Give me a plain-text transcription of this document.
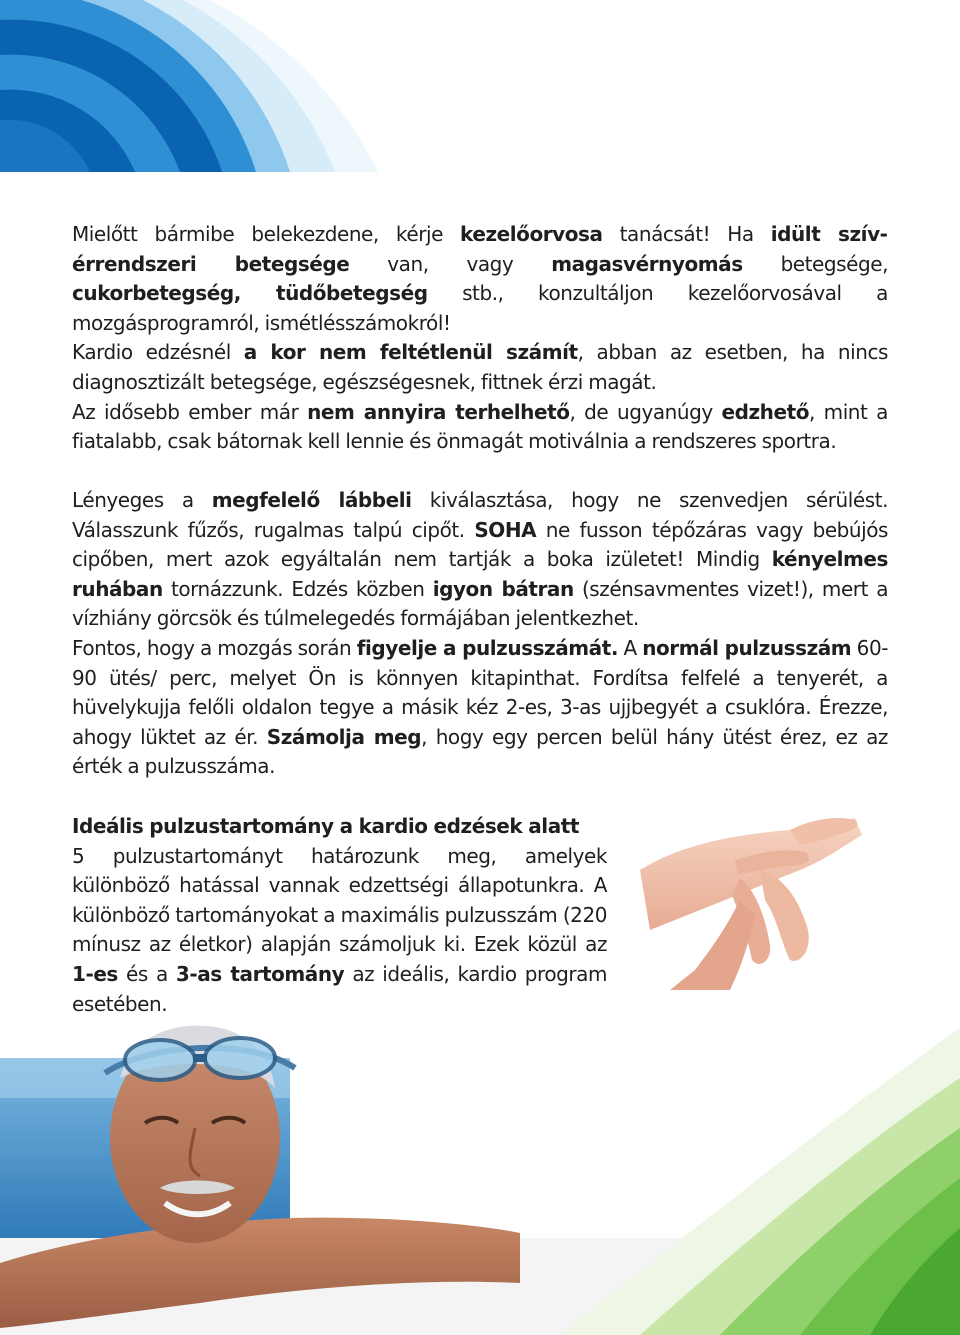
Mielőtt bármibe belekezdene, kérje kezelőorvosa tanácsát! Ha idült szívérrendszeri betegsége van, vagy magasvérnyomás betegsége, cukorbetegség, tüdőbetegség stb., konzultáljon kezelőorvosával a mozgásprogramról, ismétlésszámokról!

Kardio edzésnél a kor nem feltétlenül számít, abban az esetben, ha nincs diagnosztizált betegsége, egészségesnek, fittnek érzi magát.

Az idősebb ember már nem annyira terhelhető, de ugyanúgy edzhető, mint a fiatalabb, csak bátornak kell lennie és önmagát motiválnia a rendszeres sportra.

Lényeges a megfelelő lábbeli kiválasztása, hogy ne szenvedjen sérülést. Válasszunk fűzős, rugalmas talpú cipőt. SOHA ne fusson tépőzáras vagy bebújós cipőben, mert azok egyáltalán nem tartják a boka izületet! Mindig kényelmes ruhában tornázzunk. Edzés közben igyon bátran (szénsavmentes vizet!), mert a vízhiány görcsök és túlmelegedés formájában jelentkezhet.

Fontos, hogy a mozgás során figyelje a pulzusszámát. A normál pulzusszám 60-90 ütés/ perc, melyet Ön is könnyen kitapinthat. Fordítsa felfelé a tenyerét, a hüvelykujja felőli oldalon tegye a másik kéz 2-es, 3-as ujjbegyét a csuklóra. Érezze, ahogy lüktet az ér. Számolja meg, hogy egy percen belül hány ütést érez, ez az érték a pulzusszáma.

Ideális pulzustartomány a kardio edzések alatt

5 pulzustartományt határozunk meg, amelyek különböző hatással vannak edzettségi állapotunkra. A különböző tartományokat a maximális pulzusszám (220 mínusz az életkor) alapján számoljuk ki. Ezek közül az 1-es és a 3-as tartomány az ideális, kardio program esetében.
